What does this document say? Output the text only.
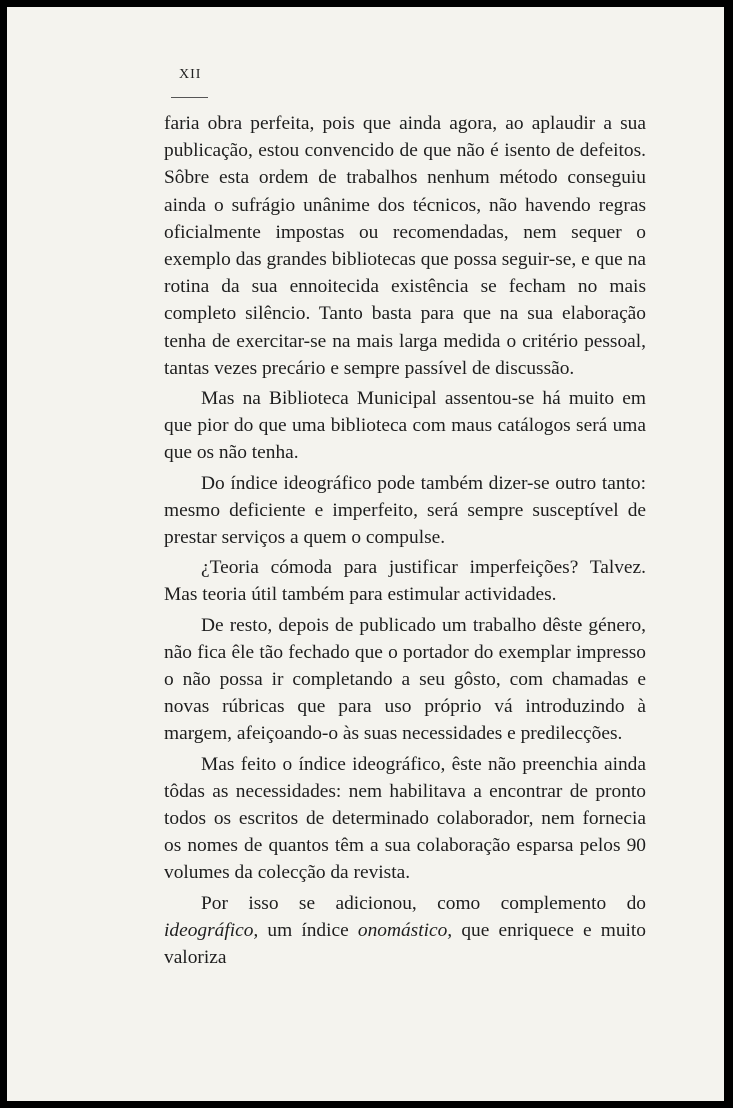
XII

faria obra perfeita, pois que ainda agora, ao aplaudir a sua publicação, estou convencido de que não é isento de defeitos. Sôbre esta ordem de trabalhos nenhum método conseguiu ainda o sufrágio unânime dos técnicos, não havendo regras oficialmente impostas ou recomendadas, nem sequer o exemplo das grandes bibliotecas que possa seguir-se, e que na rotina da sua ennoitecida existência se fecham no mais completo silêncio. Tanto basta para que na sua elaboração tenha de exercitar-se na mais larga medida o critério pessoal, tantas vezes precário e sempre passível de discussão.

Mas na Biblioteca Municipal assentou-se há muito em que pior do que uma biblioteca com maus catálogos será uma que os não tenha.

Do índice ideográfico pode também dizer-se outro tanto: mesmo deficiente e imperfeito, será sempre susceptível de prestar serviços a quem o compulse.

¿Teoria cómoda para justificar imperfeições? Talvez. Mas teoria útil também para estimular actividades.

De resto, depois de publicado um trabalho dêste género, não fica êle tão fechado que o portador do exemplar impresso o não possa ir completando a seu gôsto, com chamadas e novas rúbricas que para uso próprio vá introduzindo à margem, afeiçoando-o às suas necessidades e predilecções.

Mas feito o índice ideográfico, êste não preenchia ainda tôdas as necessidades: nem habilitava a encontrar de pronto todos os escritos de determinado colaborador, nem fornecia os nomes de quantos têm a sua colaboração esparsa pelos 90 volumes da colecção da revista.

Por isso se adicionou, como complemento do ideográfico, um índice onomástico, que enriquece e muito valoriza
